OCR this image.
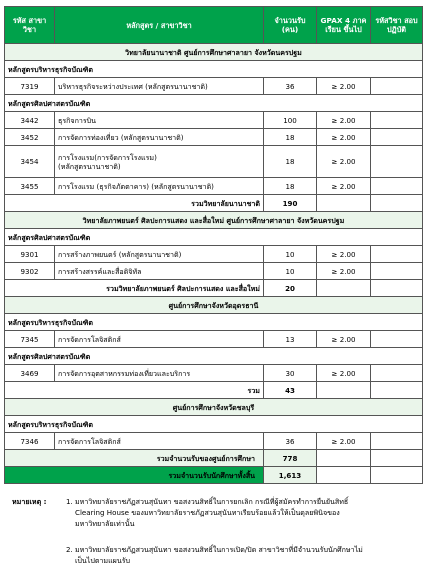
รหัส สาขาวิชา	หลักสูตร / สาขาวิชา	จำนวนรับ (คน)	GPAX 4 ภาคเรียน ขึ้นไป	รหัสวิชา สอบปฏิบัติ
วิทยาลัยนานาชาติ ศูนย์การศึกษาศาลายา จังหวัดนครปฐม				
หลักสูตรบริหารธุรกิจบัณฑิต				
7319	บริหารธุรกิจระหว่างประเทศ (หลักสูตรนานาชาติ)	36	≥ 2.00	
หลักสูตรศิลปศาสตรบัณฑิต				
3442	ธุรกิจการบิน	100	≥ 2.00	
3452	การจัดการท่องเที่ยว (หลักสูตรนานาชาติ)	18	≥ 2.00	
3454	การโรงแรม(การจัดการโรงแรม)
(หลักสูตรนานาชาติ)	18	≥ 2.00	
3455	การโรงแรม (ธุรกิจภัตตาคาร) (หลักสูตรนานาชาติ)	18	≥ 2.00	
รวมวิทยาลัยนานาชาติ		190		
วิทยาลัยภาพยนตร์ ศิลปะการแสดง และสื่อใหม่ ศูนย์การศึกษาศาลายา จังหวัดนครปฐม				
หลักสูตรศิลปศาสตรบัณฑิต				
9301	การสร้างภาพยนตร์ (หลักสูตรนานาชาติ)	10	≥ 2.00	
9302	การสร้างสรรค์และสื่อดิจิทัล	10	≥ 2.00	
รวมวิทยาลัยภาพยนตร์ ศิลปะการแสดง และสื่อใหม่		20		
ศูนย์การศึกษาจังหวัดอุดรธานี				
หลักสูตรบริหารธุรกิจบัณฑิต				
7345	การจัดการโลจิสติกส์	13	≥ 2.00	
หลักสูตรศิลปศาสตรบัณฑิต				
3469	การจัดการอุตสาหกรรมท่องเที่ยวและบริการ	30	≥ 2.00	
รวม		43		
ศูนย์การศึกษาจังหวัดชลบุรี				
หลักสูตรบริหารธุรกิจบัณฑิต				
7346	การจัดการโลจิสติกส์	36	≥ 2.00	
รวมจำนวนรับของศูนย์การศึกษา		778		
รวมจำนวนรับนักศึกษาทั้งสิ้น		1,613		
หมายเหตุ :	1. มหาวิทยาลัยราชภัฏสวนสุนันทา ขอสงวนสิทธิ์ในการยกเลิก กรณีที่ผู้สมัครทำการยืนยันสิทธิ์ Clearing House ของมหาวิทยาลัยราชภัฏสวนสุนันทาเรียบร้อยแล้วให้เป็นดุลยพินิจของมหาวิทยาลัยเท่านั้น
2. มหาวิทยาลัยราชภัฏสวนสุนันทา ขอสงวนสิทธิ์ในการเปิด/ปิด สาขาวิชาที่มีจำนวนรับนักศึกษาไม่เป็นไปตามแผนรับ
